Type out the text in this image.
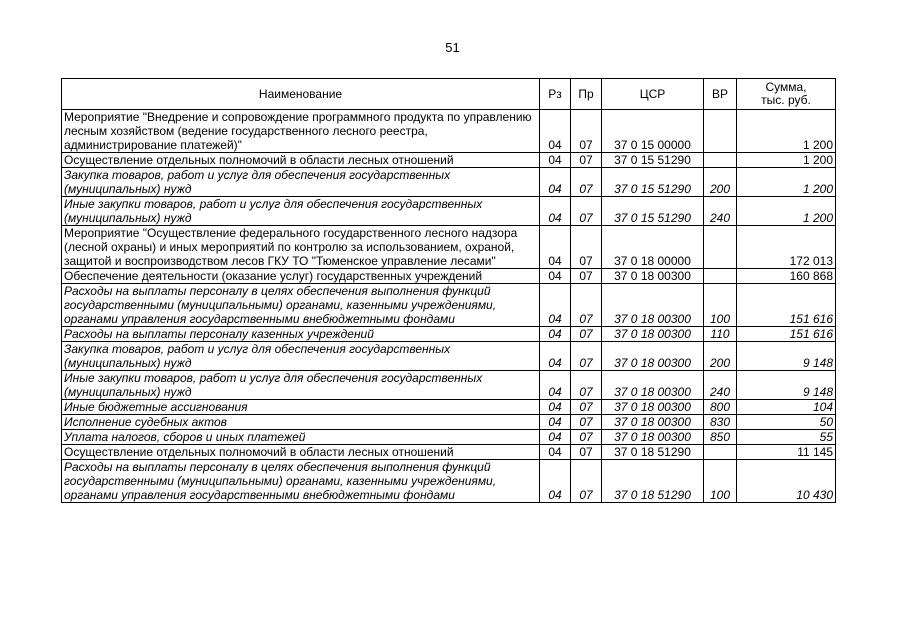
51
Наименование	Рз	Пр	ЦСР	ВР	Сумма,
тыс. руб.
Мероприятие "Внедрение и сопровождение программного продукта по управлению лесным хозяйством (ведение государственного лесного реестра, администрирование платежей)"	04	07	37 0 15 00000		1 200
Осуществление отдельных полномочий в области лесных отношений	04	07	37 0 15 51290		1 200
Закупка товаров, работ и услуг для обеспечения государственных (муниципальных) нужд	04	07	37 0 15 51290	200	1 200
Иные закупки товаров, работ и услуг для обеспечения государственных (муниципальных) нужд	04	07	37 0 15 51290	240	1 200
Мероприятие "Осуществление федерального государственного лесного надзора (лесной охраны) и иных мероприятий по контролю за использованием, охраной, защитой и воспроизводством лесов ГКУ ТО "Тюменское управление лесами"	04	07	37 0 18 00000		172 013
Обеспечение деятельности (оказание услуг) государственных учреждений	04	07	37 0 18 00300		160 868
Расходы на выплаты персоналу в целях обеспечения выполнения функций государственными (муниципальными) органами, казенными учреждениями, органами управления государственными внебюджетными фондами	04	07	37 0 18 00300	100	151 616
Расходы на выплаты персоналу казенных учреждений	04	07	37 0 18 00300	110	151 616
Закупка товаров, работ и услуг для обеспечения государственных (муниципальных) нужд	04	07	37 0 18 00300	200	9 148
Иные закупки товаров, работ и услуг для обеспечения государственных (муниципальных) нужд	04	07	37 0 18 00300	240	9 148
Иные бюджетные ассигнования	04	07	37 0 18 00300	800	104
Исполнение судебных актов	04	07	37 0 18 00300	830	50
Уплата налогов, сборов и иных платежей	04	07	37 0 18 00300	850	55
Осуществление отдельных полномочий в области лесных отношений	04	07	37 0 18 51290		11 145
Расходы на выплаты персоналу в целях обеспечения выполнения функций государственными (муниципальными) органами, казенными учреждениями, органами управления государственными внебюджетными фондами	04	07	37 0 18 51290	100	10 430
